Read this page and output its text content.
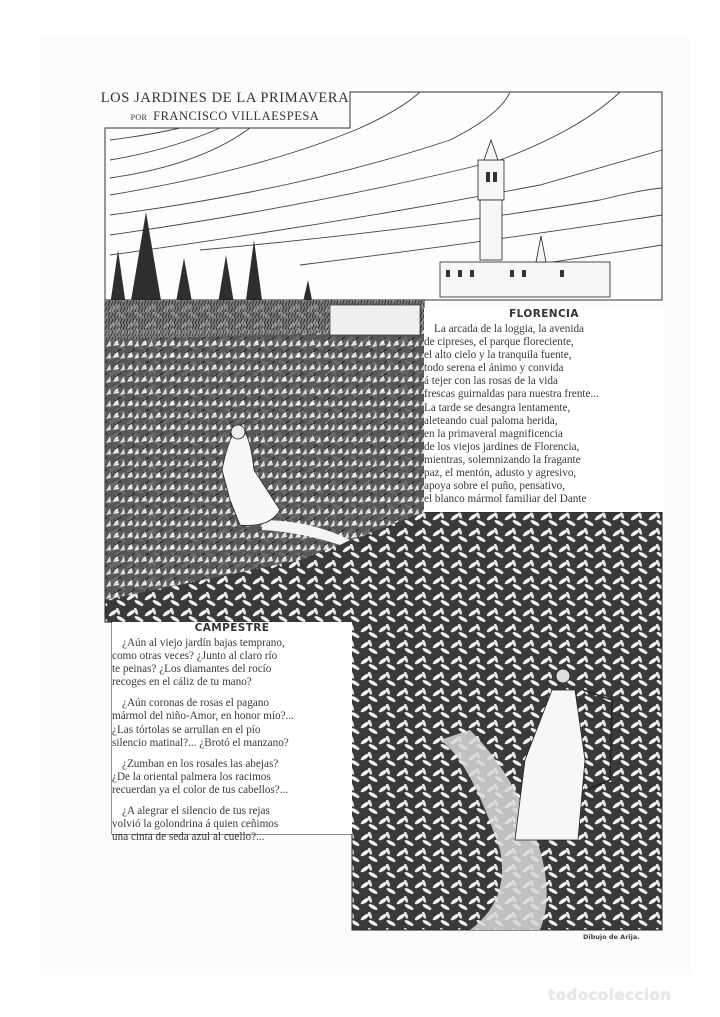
LOS JARDINES DE LA PRIMAVERA
POR FRANCISCO VILLAESPESA
FLORENCIA
La arcada de la loggia, la avenida
de cipreses, el parque floreciente,
el alto cielo y la tranquila fuente,
todo serena el ánimo y convida
á tejer con las rosas de la vida
frescas guirnaldas para nuestra frente...
La tarde se desangra lentamente,
aleteando cual paloma herida,
en la primaveral magnificencia
de los viejos jardines de Florencia,
mientras, solemnizando la fragante
paz, el mentón, adusto y agresivo,
apoya sobre el puño, pensativo,
el blanco mármol familiar del Dante
CAMPESTRE
¿Aún al viejo jardín bajas temprano,
como otras veces? ¿Junto al claro río
te peinas? ¿Los diamantes del rocío
recoges en el cáliz de tu mano?
¿Aún coronas de rosas el pagano
mármol del niño-Amor, en honor mío?...
¿Las tórtolas se arrullan en el pío
silencio matinal?... ¿Brotó el manzano?
¿Zumban en los rosales las abejas?
¿De la oriental palmera los racimos
recuerdan ya el color de tus cabellos?...
¿A alegrar el silencio de tus rejas
volvió la golondrina á quien ceñimos
una cinta de seda azul al cuello?...
Dibujo de Arija.
todocoleccion
